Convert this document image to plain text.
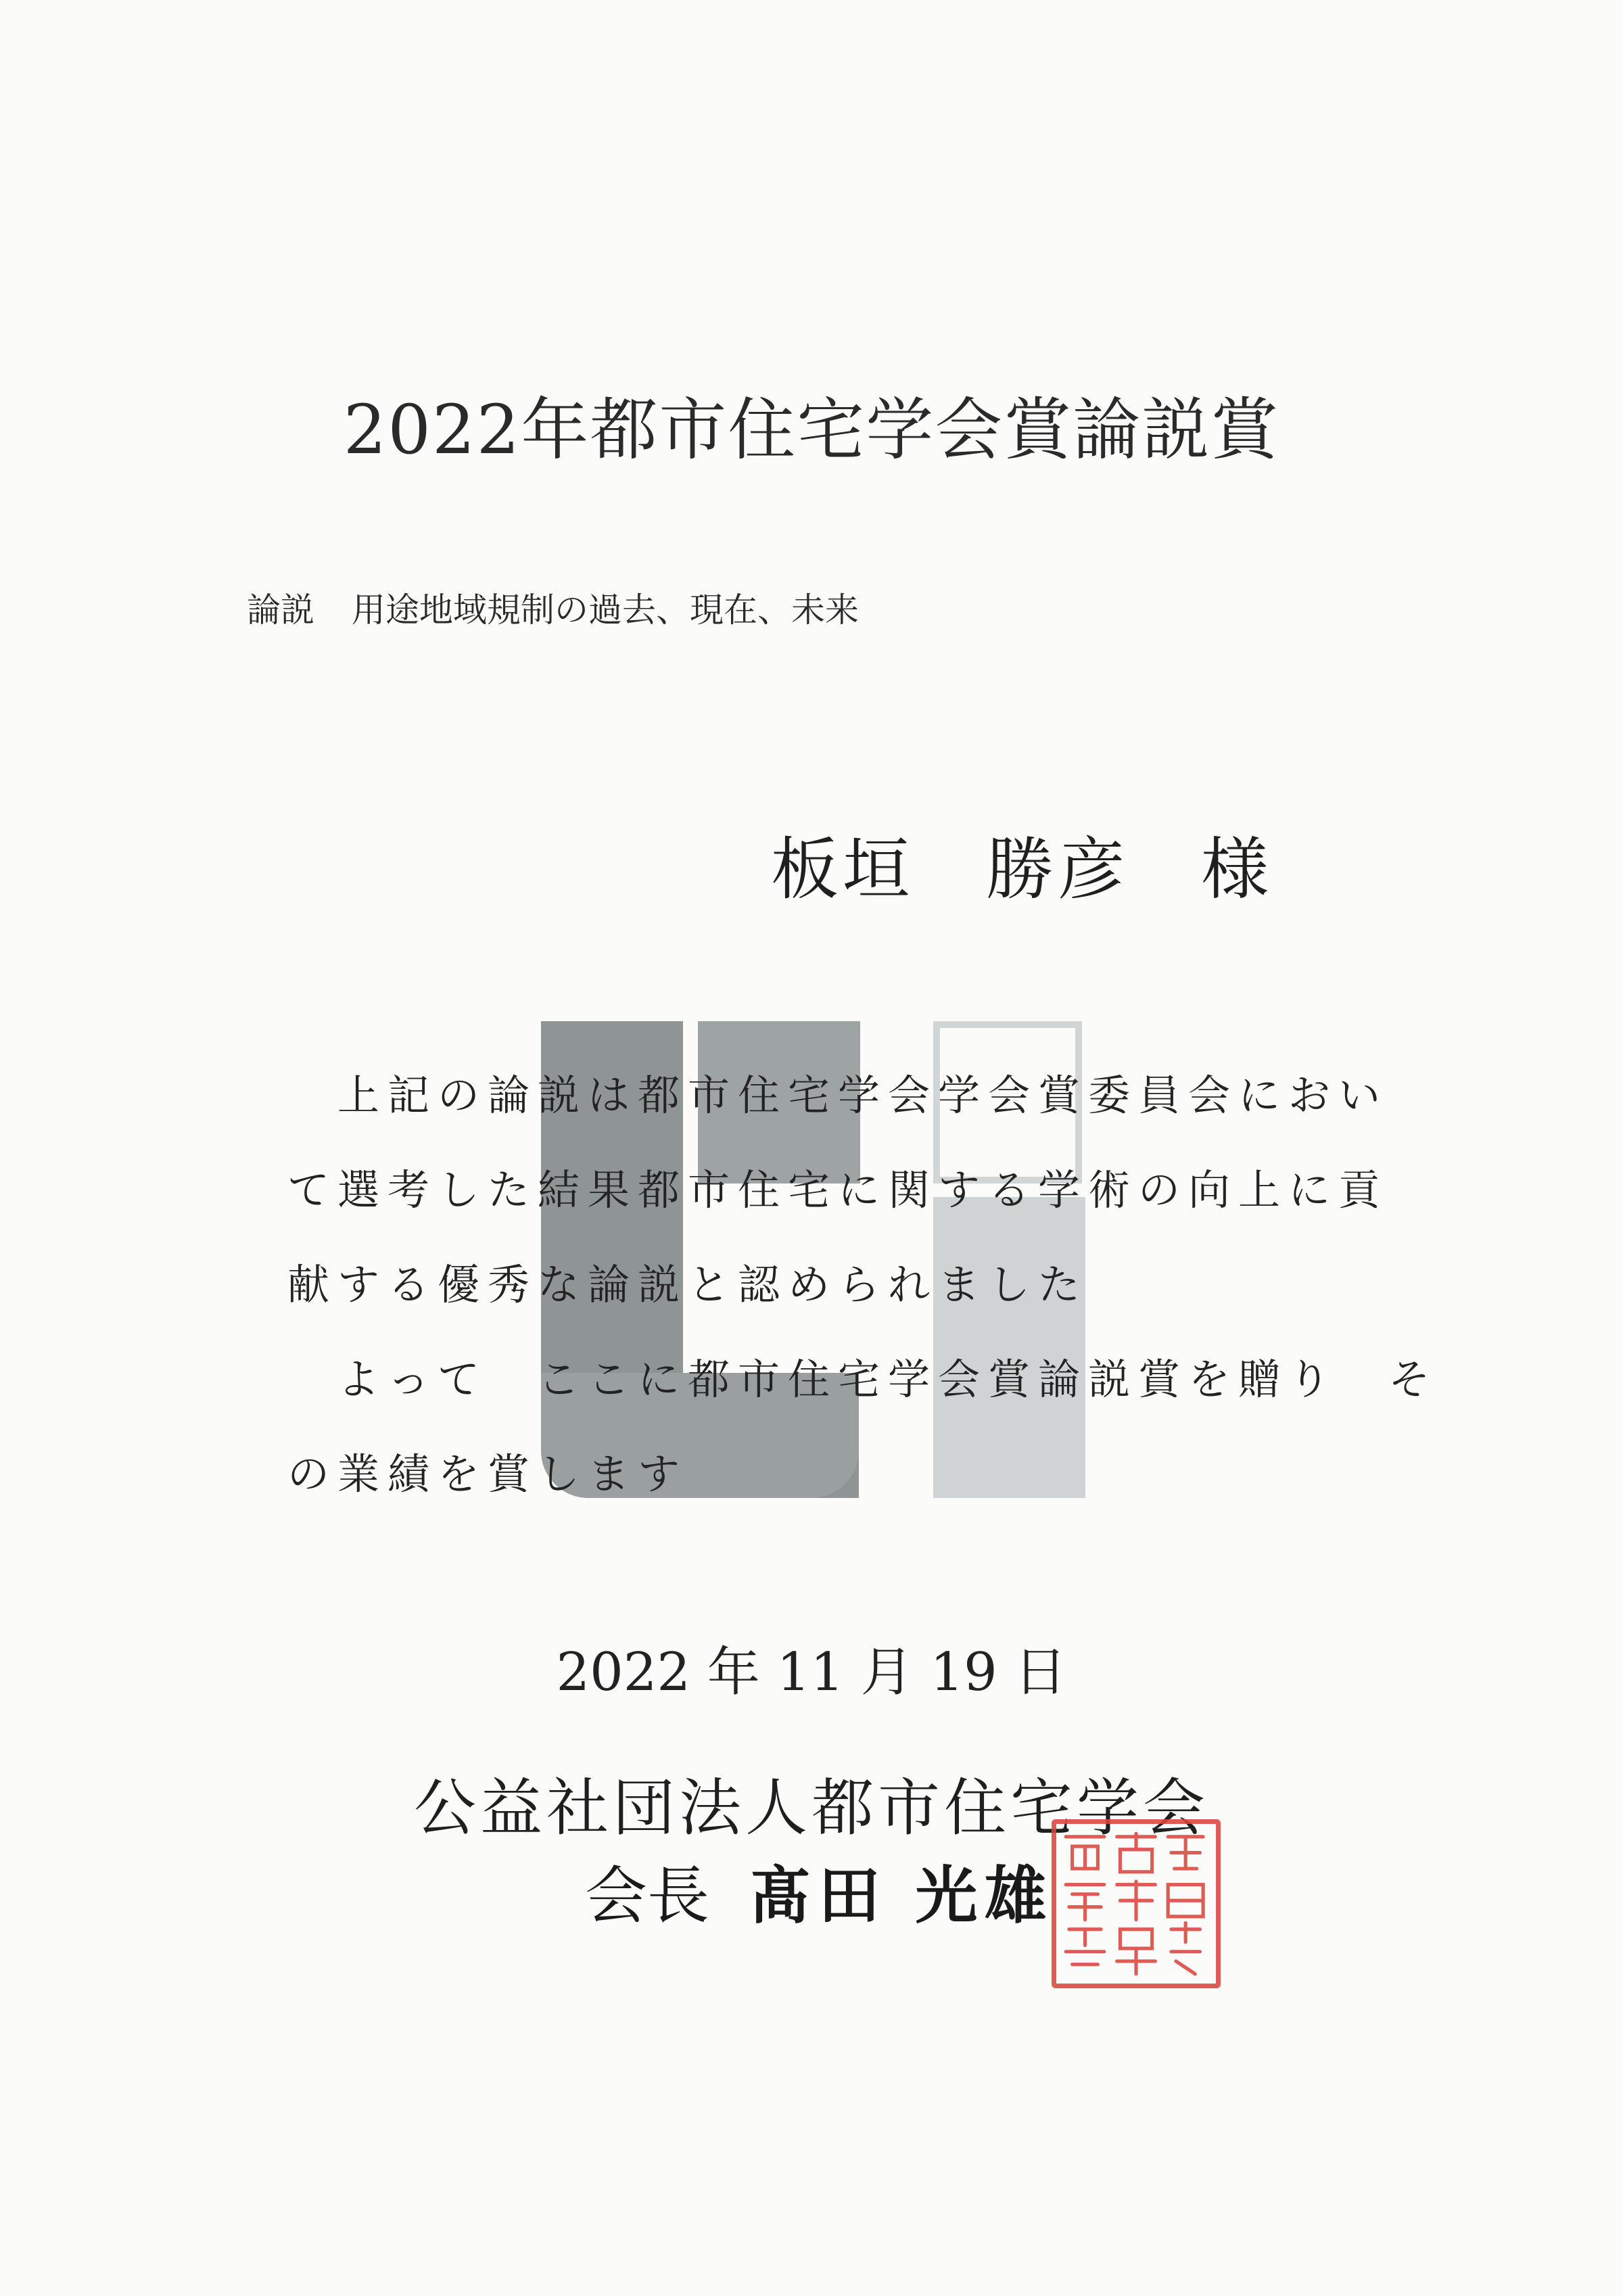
2022年都市住宅学会賞論説賞
論説 用途地域規制の過去、現在、未来
板垣　勝彦　様

　上記の論説は都市住宅学会学会賞委員会におい

て選考した結果都市住宅に関する学術の向上に貢

献する優秀な論説と認められました

　よって　ここに都市住宅学会賞論説賞を贈り　そ

の業績を賞します

2022 年 11 月 19 日
公益社団法人都市住宅学会
会長 髙田 光雄
